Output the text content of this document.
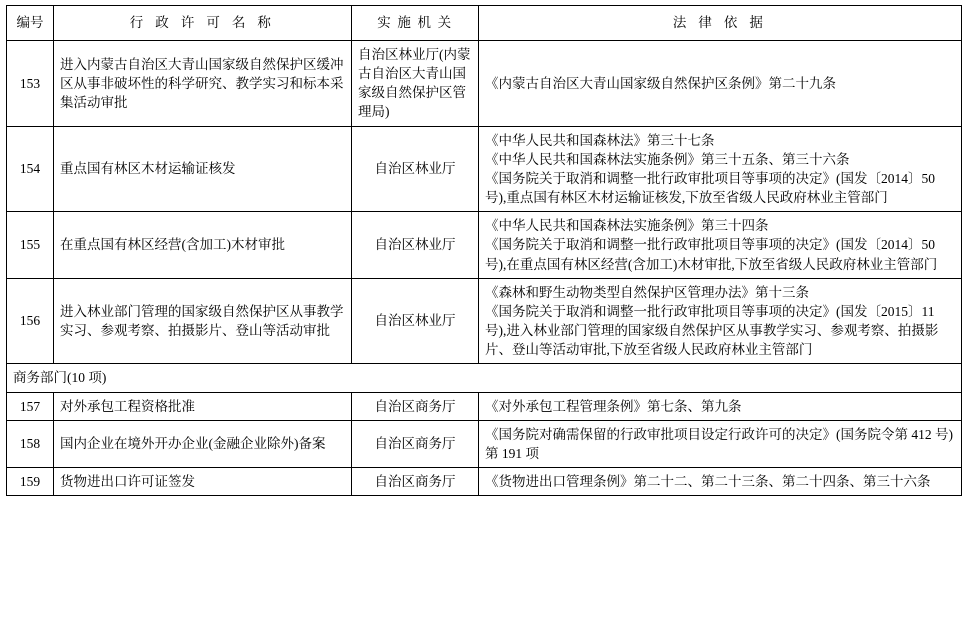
编号	行 政 许 可 名 称	实 施 机 关	法 律 依 据
153	进入内蒙古自治区大青山国家级自然保护区缓冲区从事非破坏性的科学研究、教学实习和标本采集活动审批	自治区林业厅(内蒙古自治区大青山国家级自然保护区管理局)	《内蒙古自治区大青山国家级自然保护区条例》第二十九条

154	重点国有林区木材运输证核发	自治区林业厅	《中华人民共和国森林法》第三十七条
《中华人民共和国森林法实施条例》第三十五条、第三十六条
《国务院关于取消和调整一批行政审批项目等事项的决定》(国发〔2014〕50 号),重点国有林区木材运输证核发,下放至省级人民政府林业主管部门

155	在重点国有林区经营(含加工)木材审批	自治区林业厅	《中华人民共和国森林法实施条例》第三十四条
《国务院关于取消和调整一批行政审批项目等事项的决定》(国发〔2014〕50 号),在重点国有林区经营(含加工)木材审批,下放至省级人民政府林业主管部门

156	进入林业部门管理的国家级自然保护区从事教学实习、参观考察、拍摄影片、登山等活动审批	自治区林业厅	《森林和野生动物类型自然保护区管理办法》第十三条
《国务院关于取消和调整一批行政审批项目等事项的决定》(国发〔2015〕11 号),进入林业部门管理的国家级自然保护区从事教学实习、参观考察、拍摄影片、登山等活动审批,下放至省级人民政府林业主管部门

商务部门(10 项)			
157	对外承包工程资格批准	自治区商务厅	《对外承包工程管理条例》第七条、第九条

158	国内企业在境外开办企业(金融企业除外)备案	自治区商务厅	《国务院对确需保留的行政审批项目设定行政许可的决定》(国务院令第 412 号)第 191 项

159	货物进出口许可证签发	自治区商务厅	《货物进出口管理条例》第二十二、第二十三条、第二十四条、第三十六条
